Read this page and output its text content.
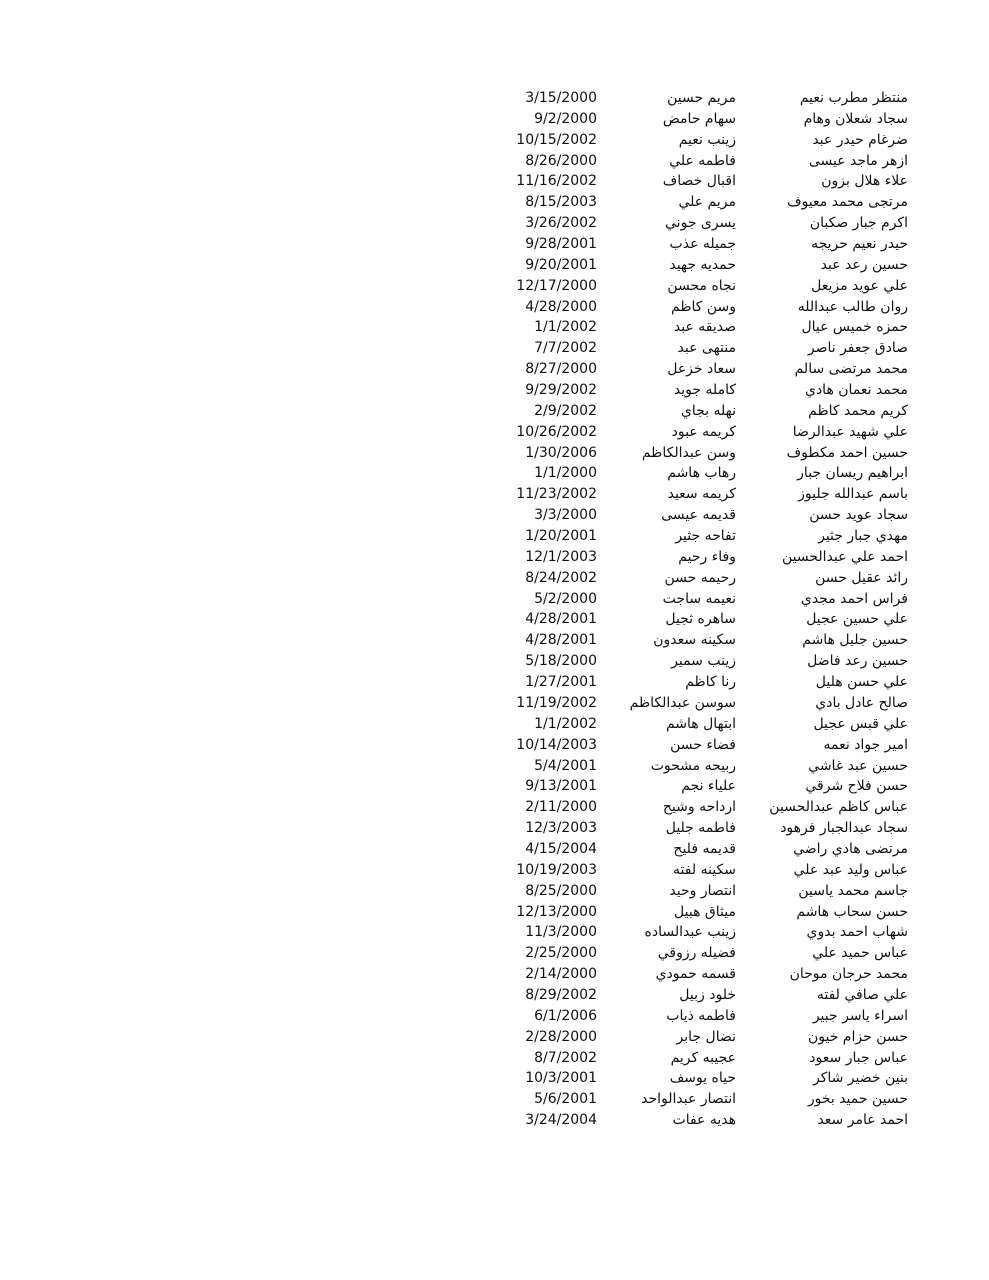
منتظر مطرب نعيم
مريم حسين
3/15/2000
سجاد شعلان وهام
سهام حامض
9/2/2000
ضرغام حيدر عبد
زينب نعيم
10/15/2002
ازهر ماجد عيسى
فاطمه علي
8/26/2000
علاء هلال بزون
اقبال خصاف
11/16/2002
مرتجى محمد معيوف
مريم علي
8/15/2003
اكرم جبار صكبان
يسرى جوني
3/26/2002
حيدر نعيم حريجه
جميله عذب
9/28/2001
حسين رعد عبد
حمديه جهيد
9/20/2001
علي عويد مزيعل
نجاه محسن
12/17/2000
روان طالب عبدالله
وسن كاظم
4/28/2000
حمزه خميس عيال
صديقه عبد
1/1/2002
صادق جعفر ناصر
منتهى عبد
7/7/2002
محمد مرتضى سالم
سعاد خزعل
8/27/2000
محمد نعمان هادي
كامله جويد
9/29/2002
كريم محمد كاظم
نهله بجاي
2/9/2002
علي شهيد عبدالرضا
كريمه عبود
10/26/2002
حسين احمد مكطوف
وسن عبدالكاظم
1/30/2006
ابراهيم ريسان جبار
رهاب هاشم
1/1/2000
باسم عبدالله جليوز
كريمه سعيد
11/23/2002
سجاد عويد حسن
قديمه عيسى
3/3/2000
مهدي جبار جثير
تفاحه جثير
1/20/2001
احمد علي عبدالحسين
وفاء رحيم
12/1/2003
رائد عقيل حسن
رحيمه حسن
8/24/2002
فراس احمد مجدي
نعيمه ساجت
5/2/2000
علي حسين عجيل
ساهره ثجيل
4/28/2001
حسين جليل هاشم
سكينه سعدون
4/28/2001
حسين رعد فاضل
زينب سمير
5/18/2000
علي حسن هليل
رنا كاظم
1/27/2001
صالح عادل بادي
سوسن عبدالكاظم
11/19/2002
علي قبس عجيل
ابتهال هاشم
1/1/2002
امير جواد نعمه
فضاء حسن
10/14/2003
حسين عبد غاشي
ربيحه مشحوت
5/4/2001
حسن فلاح شرقي
علياء نجم
9/13/2001
عباس كاظم عبدالحسين
ارداحه وشيح
2/11/2000
سجاد عبدالجبار فرهود
فاطمه جليل
12/3/2003
مرتضى هادي راضي
قديمه فليح
4/15/2004
عباس وليد عبد علي
سكينه لفته
10/19/2003
جاسم محمد ياسين
انتصار وحيد
8/25/2000
حسن سحاب هاشم
ميثاق هبيل
12/13/2000
شهاب احمد بدوي
زينب عبدالساده
11/3/2000
عباس حميد علي
فضيله رزوقي
2/25/2000
محمد حرجان موحان
قسمه حمودي
2/14/2000
علي صافي لفته
خلود زبيل
8/29/2002
اسراء ياسر جبير
فاطمه ذياب
6/1/2006
حسن حزام خيون
نضال جابر
2/28/2000
عباس جبار سعود
عجيبه كريم
8/7/2002
بنين خضير شاكر
حياه يوسف
10/3/2001
حسين حميد بخور
انتصار عبدالواحد
5/6/2001
احمد عامر سعد
هديه عفات
3/24/2004
